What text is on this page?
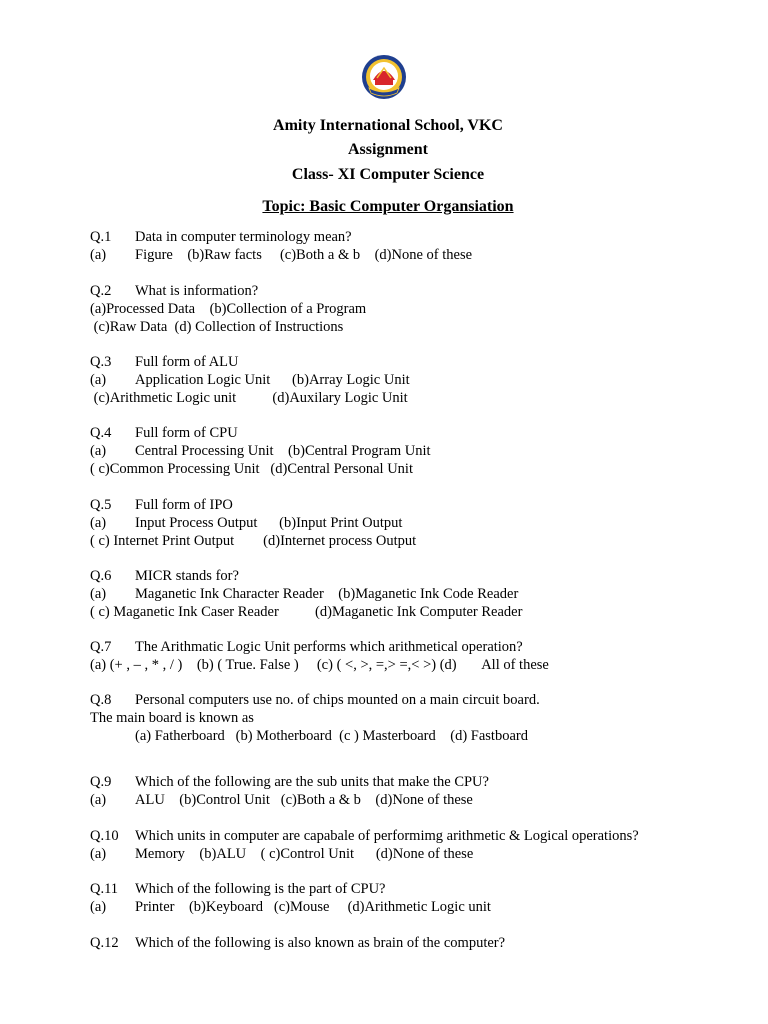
Amity International School, VKC
Assignment
Class- XI Computer Science
Topic: Basic Computer Organsiation
Q.1 Data in computer terminology mean?
(a) Figure    (b)Raw facts     (c)Both a & b    (d)None of these
Q.2 What is information?
(a)Processed Data    (b)Collection of a Program
(c)Raw Data  (d) Collection of Instructions
Q.3 Full form of ALU
(a) Application Logic Unit      (b)Array Logic Unit
(c)Arithmetic Logic unit          (d)Auxilary Logic Unit
Q.4 Full form of CPU
(a) Central Processing Unit    (b)Central Program Unit
( c)Common Processing Unit   (d)Central Personal Unit
Q.5 Full form of IPO
(a) Input Process Output      (b)Input Print Output
( c) Internet Print Output        (d)Internet process Output
Q.6 MICR stands for?
(a) Maganetic Ink Character Reader    (b)Maganetic Ink Code Reader
( c) Maganetic Ink Caser Reader          (d)Maganetic Ink Computer Reader
Q.7 The Arithmatic Logic Unit performs which arithmetical operation?
(a) (+ , – , * , / )    (b) ( True. False )     (c) ( <, >, =,> =,< >) (d)       All of these
Q.8 Personal computers use no. of chips mounted on a main circuit board.
The main board is known as
(a) Fatherboard   (b) Motherboard  (c ) Masterboard    (d) Fastboard
Q.9 Which of the following are the sub units that make the CPU?
(a) ALU    (b)Control Unit   (c)Both a & b    (d)None of these
Q.10 Which units in computer are capabale of performimg arithmetic & Logical operations?
(a) Memory    (b)ALU    ( c)Control Unit      (d)None of these
Q.11 Which of the following is the part of CPU?
(a) Printer    (b)Keyboard   (c)Mouse     (d)Arithmetic Logic unit
Q.12 Which of the following is also known as brain of the computer?
